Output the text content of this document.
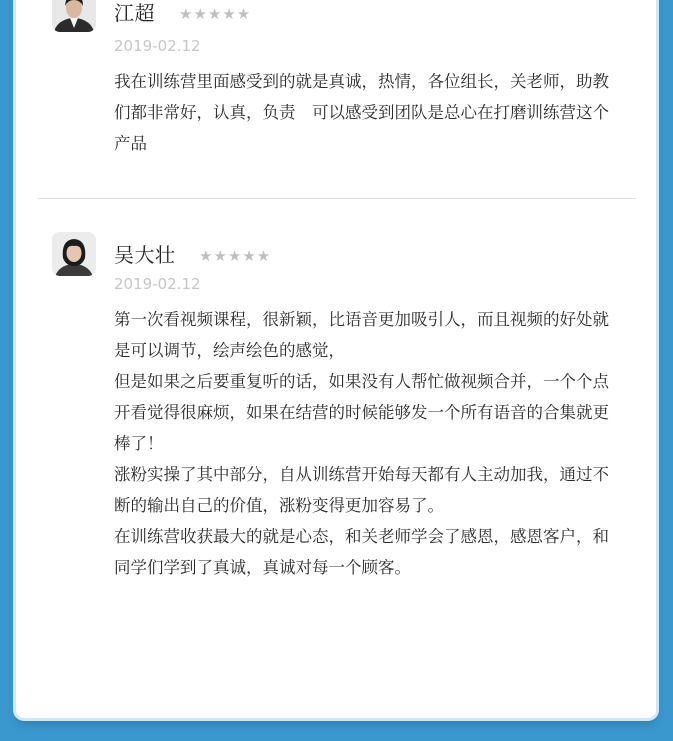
江超 ★★★★★
2019-02.12

我在训练营里面感受到的就是真诚，热情，各位组长，关老师，助教们都非常好，认真，负责　可以感受到团队是总心在打磨训练营这个产品

吴大壮 ★★★★★
2019-02.12

第一次看视频课程，很新颖，比语音更加吸引人，而且视频的好处就是可以调节，绘声绘色的感觉，

但是如果之后要重复听的话，如果没有人帮忙做视频合并，一个个点开看觉得很麻烦，如果在结营的时候能够发一个所有语音的合集就更棒了！

涨粉实操了其中部分，自从训练营开始每天都有人主动加我，通过不断的输出自己的价值，涨粉变得更加容易了。

在训练营收获最大的就是心态，和关老师学会了感恩，感恩客户，和同学们学到了真诚，真诚对每一个顾客。
